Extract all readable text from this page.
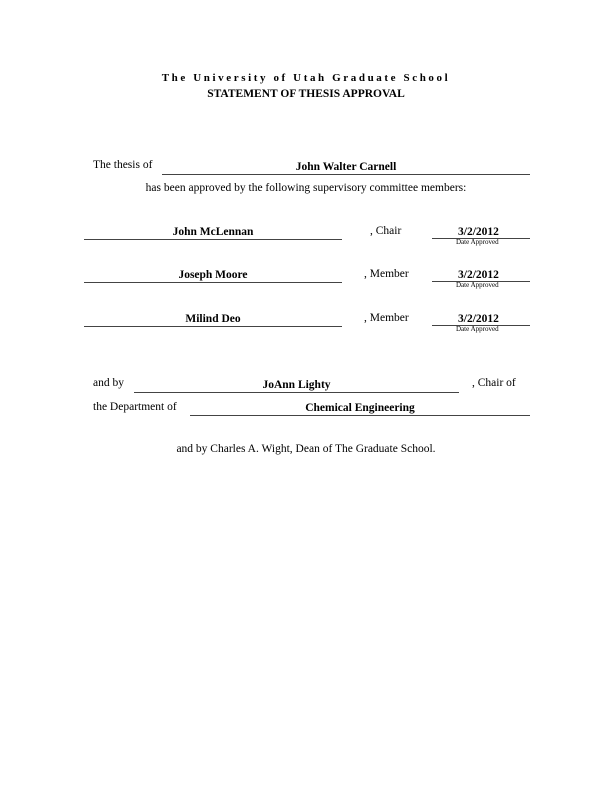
The University of Utah Graduate School
STATEMENT OF THESIS APPROVAL
The thesis of	John Walter Carnell
has been approved by the following supervisory committee members:
John McLennan	, Chair	3/2/2012
Date Approved
Joseph Moore	, Member	3/2/2012
Date Approved
Milind Deo	, Member	3/2/2012
Date Approved
and by	JoAnn Lighty	, Chair of
the Department of	Chemical Engineering
and by Charles A. Wight, Dean of The Graduate School.
